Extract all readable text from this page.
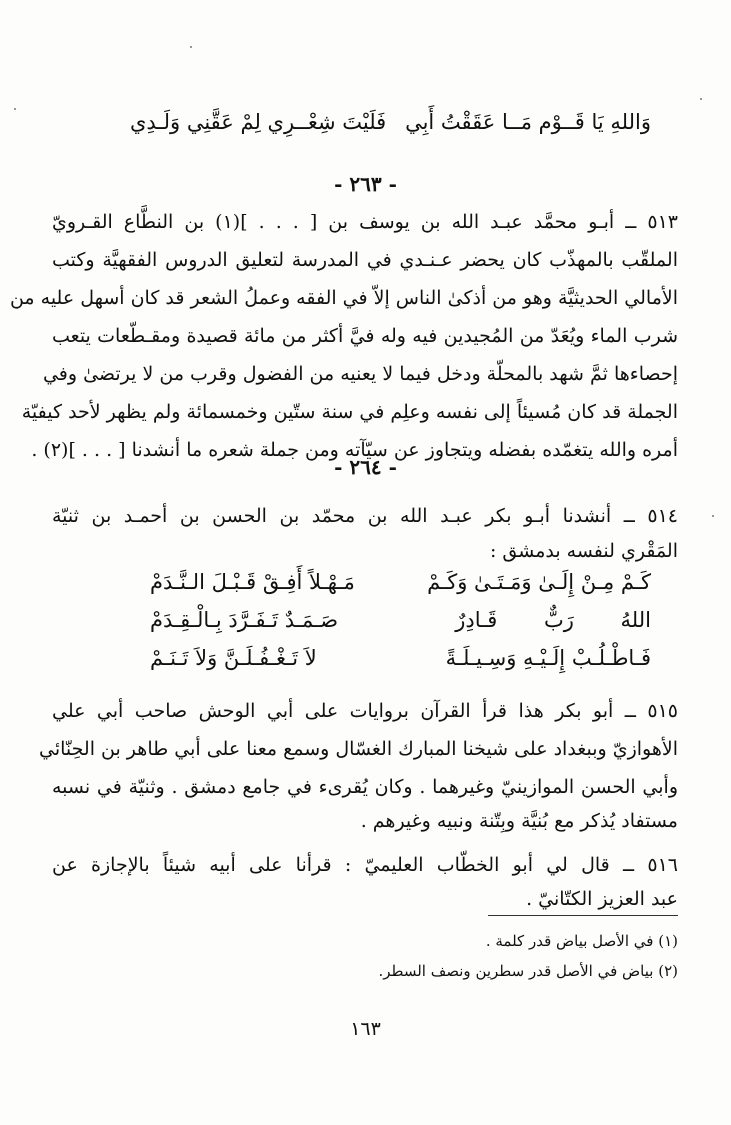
وَاللهِ يَا قَــوْم مَــا عَقَقْتُ أَبِي
فَلَيْتَ شِعْــرِي لِمْ عَقَّنِي وَلَـدِي
- ٢٦٣ -
٥١٣ ــ أبـو محمَّد عبـد الله بن يوسف بن [ . . . ](١) بن النطَّاع القـرويّ
الملقّب بالمهذّب كان يحضر عـنـدي في المدرسة لتعليق الدروس الفقهيَّة وكتب
الأمالي الحديثيَّة وهو من أذكىٰ الناس إلاّ في الفقه وعملُ الشعر قد كان أسهل عليه من
شرب الماء ويُعَدّ من المُجيدين فيه وله فيَّ أكثر من مائة قصيدة ومقـطّعات يتعب
إحصاءها ثمَّ شهد بالمحلّة ودخل فيما لا يعنيه من الفضول وقرب من لا يرتضىٰ وفي
الجملة قد كان مُسيئاً إلى نفسه وعلِم في سنة ستّين وخمسمائة ولم يظهر لأحد كيفيّة
أمره والله يتغمّده بفضله ويتجاوز عن سيّآته ومن جملة شعره ما أنشدنا [ . . . ](٢) .
- ٢٦٤ -
٥١٤ ــ أنشدنا أبـو بكر عبـد الله بن محمّد بن الحسن بن أحمـد بن ثنيّة
المَقْري لنفسه بدمشق :
كَـمْ مِـنْ إِلَـىٰ وَمَـتَـىٰ وَكَـمْ
مَـهْـلاً أَفِـقْ قَـبْـلَ الـنَّـدَمْ
اللهُ رَبٌّ قَـادِرٌ
صَـمَـدٌ تَـفَـرَّدَ بِـالْـقِـدَمْ
فَـاطْـلُـبْ إِلَـيْـهِ وَسِـيـلَـةً
لاَ تَـغْـفُـلَـنَّ وَلاَ تَـنَـمْ
٥١٥ ــ أبو بكر هذا قرأ القرآن بروايات على أبي الوحش صاحب أبي علي
الأهوازيّ وببغداد على شيخنا المبارك الغسّال وسمع معنا على أبي طاهر بن الحِنّائي
وأبي الحسن الموازينيّ وغيرهما . وكان يُقرىء في جامع دمشق . وثنيّة في نسبه
مستفاد يُذكر مع بُنيَّة وبِتّنة ونبيه وغيرهم .
٥١٦ ــ قال لي أبو الخطّاب العليميّ : قرأنا على أبيه شيئاً بالإجازة عن
عبد العزيز الكتّانيّ .
(١) في الأصل بياض قدر كلمة .
(٢) بياض في الأصل قدر سطرين ونصف السطر.
١٦٣
